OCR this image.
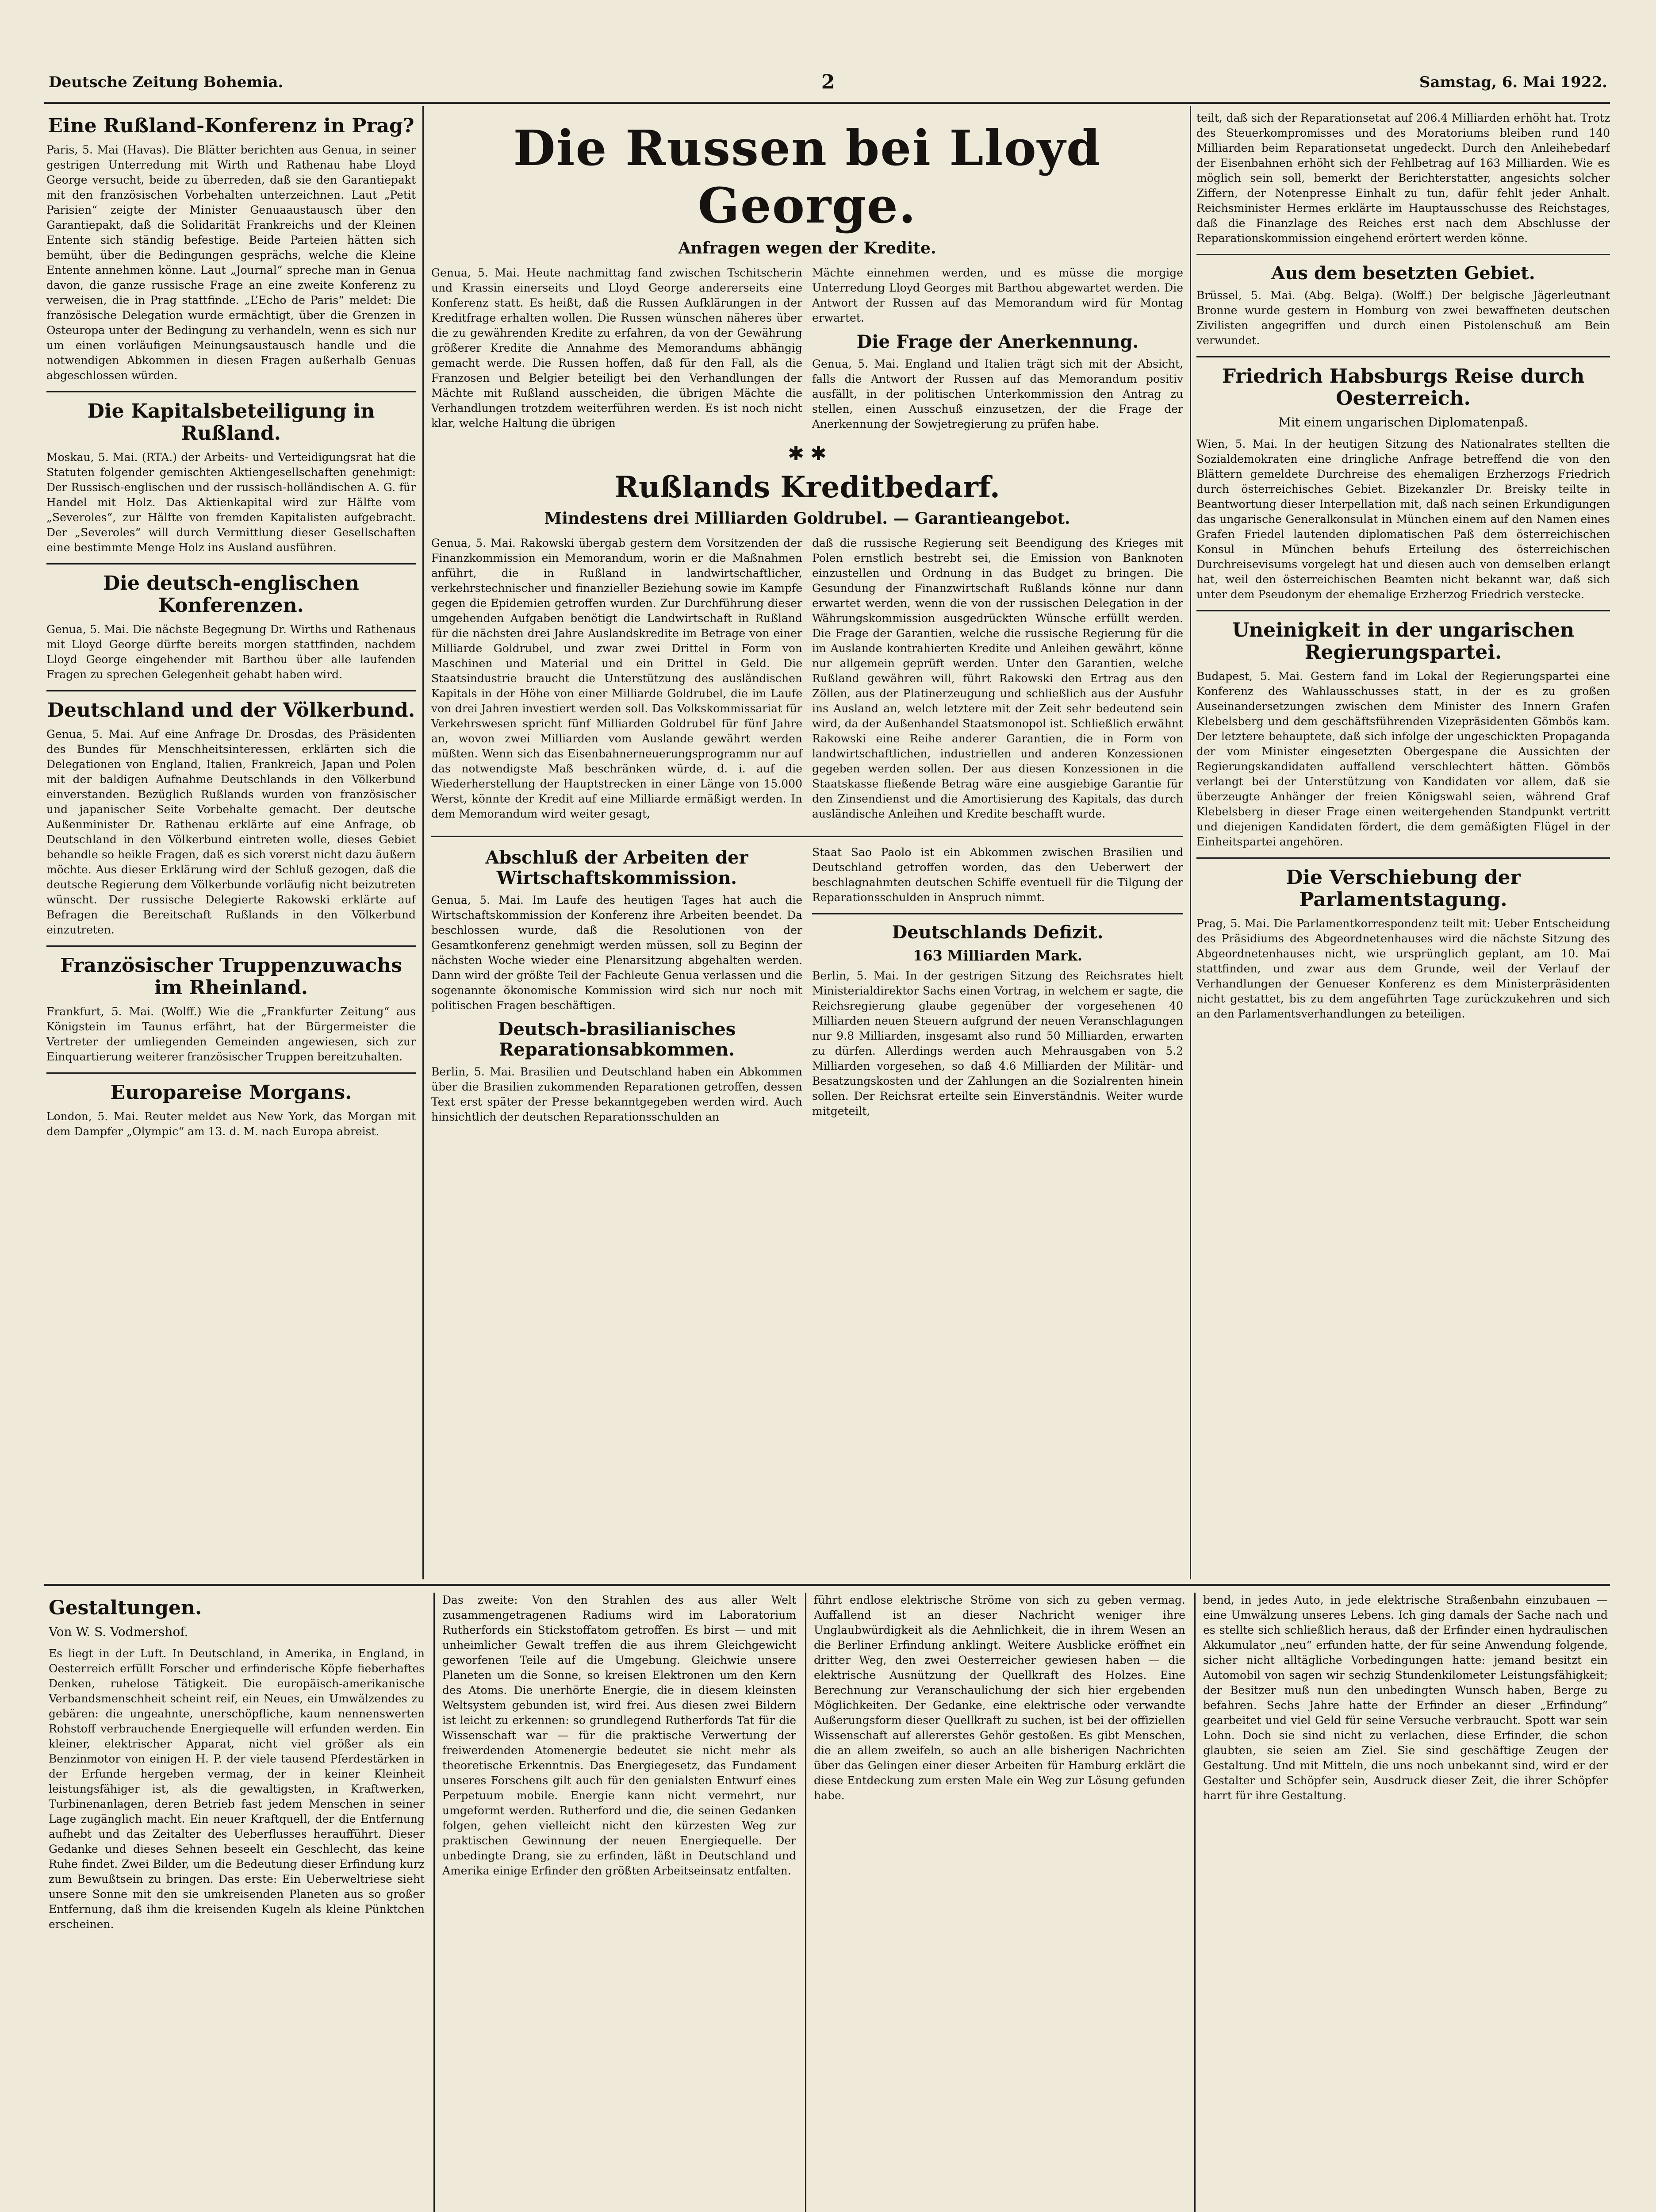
Deutsche Zeitung Bohemia.	2	Samstag, 6. Mai 1922.
Eine Rußland-Konferenz in Prag?

Paris, 5. Mai (Havas). Die Blätter berichten aus Genua, in seiner gestrigen Unterredung mit Wirth und Rathenau habe Lloyd George versucht, beide zu überreden, daß sie den Garantiepakt mit den französischen Vorbehalten unterzeichnen. Laut „Petit Parisien“ zeigte der Minister Genuaaustausch über den Garantiepakt, daß die Solidarität Frankreichs und der Kleinen Entente sich ständig befestige. Beide Parteien hätten sich bemüht, über die Bedingungen gesprächs, welche die Kleine Entente annehmen könne. Laut „Journal“ spreche man in Genua davon, die ganze russische Frage an eine zweite Konferenz zu verweisen, die in Prag stattfinde. „L’Echo de Paris“ meldet: Die französische Delegation wurde ermächtigt, über die Grenzen in Osteuropa unter der Bedingung zu verhandeln, wenn es sich nur um einen vorläufigen Meinungsaustausch handle und die notwendigen Abkommen in diesen Fragen außerhalb Genuas abgeschlossen würden.

Die Kapitalsbeteiligung in Rußland.

Moskau, 5. Mai. (RTA.) der Arbeits- und Verteidigungsrat hat die Statuten folgender gemischten Aktiengesellschaften genehmigt: Der Russisch-englischen und der russisch-holländischen A. G. für Handel mit Holz. Das Aktienkapital wird zur Hälfte vom „Severoles“, zur Hälfte von fremden Kapitalisten aufgebracht. Der „Severoles“ will durch Vermittlung dieser Gesellschaften eine bestimmte Menge Holz ins Ausland ausführen.

Die deutsch-englischen Konferenzen.

Genua, 5. Mai. Die nächste Begegnung Dr. Wirths und Rathenaus mit Lloyd George dürfte bereits morgen stattfinden, nachdem Lloyd George eingehender mit Barthou über alle laufenden Fragen zu sprechen Gelegenheit gehabt haben wird.

Deutschland und der Völkerbund.

Genua, 5. Mai. Auf eine Anfrage Dr. Drosdas, des Präsidenten des Bundes für Menschheitsinteressen, erklärten sich die Delegationen von England, Italien, Frankreich, Japan und Polen mit der baldigen Aufnahme Deutschlands in den Völkerbund einverstanden. Bezüglich Rußlands wurden von französischer und japanischer Seite Vorbehalte gemacht. Der deutsche Außenminister Dr. Rathenau erklärte auf eine Anfrage, ob Deutschland in den Völkerbund eintreten wolle, dieses Gebiet behandle so heikle Fragen, daß es sich vorerst nicht dazu äußern möchte. Aus dieser Erklärung wird der Schluß gezogen, daß die deutsche Regierung dem Völkerbunde vorläufig nicht beizutreten wünscht. Der russische Delegierte Rakowski erklärte auf Befragen die Bereitschaft Rußlands in den Völkerbund einzutreten.

Französischer Truppenzuwachs im Rheinland.

Frankfurt, 5. Mai. (Wolff.) Wie die „Frankfurter Zeitung“ aus Königstein im Taunus erfährt, hat der Bürgermeister die Vertreter der umliegenden Gemeinden angewiesen, sich zur Einquartierung weiterer französischer Truppen bereitzuhalten.

Europareise Morgans.

London, 5. Mai. Reuter meldet aus New York, das Morgan mit dem Dampfer „Olympic“ am 13. d. M. nach Europa abreist.

Die Russen bei Lloyd George.
Anfragen wegen der Kredite.

Genua, 5. Mai. Heute nachmittag fand zwischen Tschitscherin und Krassin einerseits und Lloyd George andererseits eine Konferenz statt. Es heißt, daß die Russen Aufklärungen in der Kreditfrage erhalten wollen. Die Russen wünschen näheres über die zu gewährenden Kredite zu erfahren, da von der Gewährung größerer Kredite die Annahme des Memorandums abhängig gemacht werde. Die Russen hoffen, daß für den Fall, als die Franzosen und Belgier beteiligt bei den Verhandlungen der Mächte mit Rußland ausscheiden, die übrigen Mächte die Verhandlungen trotzdem weiterführen werden. Es ist noch nicht klar, welche Haltung die übrigen

Mächte einnehmen werden, und es müsse die morgige Unterredung Lloyd Georges mit Barthou abgewartet werden. Die Antwort der Russen auf das Memorandum wird für Montag erwartet.

Die Frage der Anerkennung.

Genua, 5. Mai. England und Italien trägt sich mit der Absicht, falls die Antwort der Russen auf das Memorandum positiv ausfällt, in der politischen Unterkommission den Antrag zu stellen, einen Ausschuß einzusetzen, der die Frage der Anerkennung der Sowjetregierung zu prüfen habe.

✱ ✱
Rußlands Kreditbedarf.
Mindestens drei Milliarden Goldrubel. — Garantieangebot.

Genua, 5. Mai. Rakowski übergab gestern dem Vorsitzenden der Finanzkommission ein Memorandum, worin er die Maßnahmen anführt, die in Rußland in landwirtschaftlicher, verkehrstechnischer und finanzieller Beziehung sowie im Kampfe gegen die Epidemien getroffen wurden. Zur Durchführung dieser umgehenden Aufgaben benötigt die Landwirtschaft in Rußland für die nächsten drei Jahre Auslandskredite im Betrage von einer Milliarde Goldrubel, und zwar zwei Drittel in Form von Maschinen und Material und ein Drittel in Geld. Die Staatsindustrie braucht die Unterstützung des ausländischen Kapitals in der Höhe von einer Milliarde Goldrubel, die im Laufe von drei Jahren investiert werden soll. Das Volkskommissariat für Verkehrswesen spricht fünf Milliarden Goldrubel für fünf Jahre an, wovon zwei Milliarden vom Auslande gewährt werden müßten. Wenn sich das Eisenbahnerneuerungsprogramm nur auf das notwendigste Maß beschränken würde, d. i. auf die Wiederherstellung der Hauptstrecken in einer Länge von 15.000 Werst, könnte der Kredit auf eine Milliarde ermäßigt werden. In dem Memorandum wird weiter gesagt,

daß die russische Regierung seit Beendigung des Krieges mit Polen ernstlich bestrebt sei, die Emission von Banknoten einzustellen und Ordnung in das Budget zu bringen. Die Gesundung der Finanzwirtschaft Rußlands könne nur dann erwartet werden, wenn die von der russischen Delegation in der Währungskommission ausgedrückten Wünsche erfüllt werden. Die Frage der Garantien, welche die russische Regierung für die im Auslande kontrahierten Kredite und Anleihen gewährt, könne nur allgemein geprüft werden. Unter den Garantien, welche Rußland gewähren will, führt Rakowski den Ertrag aus den Zöllen, aus der Platinerzeugung und schließlich aus der Ausfuhr ins Ausland an, welch letztere mit der Zeit sehr bedeutend sein wird, da der Außenhandel Staatsmonopol ist. Schließlich erwähnt Rakowski eine Reihe anderer Garantien, die in Form von landwirtschaftlichen, industriellen und anderen Konzessionen gegeben werden sollen. Der aus diesen Konzessionen in die Staatskasse fließende Betrag wäre eine ausgiebige Garantie für den Zinsendienst und die Amortisierung des Kapitals, das durch ausländische Anleihen und Kredite beschafft wurde.

Abschluß der Arbeiten der Wirtschaftskommission.

Genua, 5. Mai. Im Laufe des heutigen Tages hat auch die Wirtschaftskommission der Konferenz ihre Arbeiten beendet. Da beschlossen wurde, daß die Resolutionen von der Gesamtkonferenz genehmigt werden müssen, soll zu Beginn der nächsten Woche wieder eine Plenarsitzung abgehalten werden. Dann wird der größte Teil der Fachleute Genua verlassen und die sogenannte ökonomische Kommission wird sich nur noch mit politischen Fragen beschäftigen.

Deutsch-brasilianisches Reparationsabkommen.

Berlin, 5. Mai. Brasilien und Deutschland haben ein Abkommen über die Brasilien zukommenden Reparationen getroffen, dessen Text erst später der Presse bekanntgegeben werden wird. Auch hinsichtlich der deutschen Reparationsschulden an

Staat Sao Paolo ist ein Abkommen zwischen Brasilien und Deutschland getroffen worden, das den Ueberwert der beschlagnahmten deutschen Schiffe eventuell für die Tilgung der Reparationsschulden in Anspruch nimmt.

Deutschlands Defizit.
163 Milliarden Mark.

Berlin, 5. Mai. In der gestrigen Sitzung des Reichsrates hielt Ministerialdirektor Sachs einen Vortrag, in welchem er sagte, die Reichsregierung glaube gegenüber der vorgesehenen 40 Milliarden neuen Steuern aufgrund der neuen Veranschlagungen nur 9.8 Milliarden, insgesamt also rund 50 Milliarden, erwarten zu dürfen. Allerdings werden auch Mehrausgaben von 5.2 Milliarden vorgesehen, so daß 4.6 Milliarden der Militär- und Besatzungskosten und der Zahlungen an die Sozialrenten hinein sollen. Der Reichsrat erteilte sein Einverständnis. Weiter wurde mitgeteilt,

teilt, daß sich der Reparationsetat auf 206.4 Milliarden erhöht hat. Trotz des Steuerkompromisses und des Moratoriums bleiben rund 140 Milliarden beim Reparationsetat ungedeckt. Durch den Anleihebedarf der Eisenbahnen erhöht sich der Fehlbetrag auf 163 Milliarden. Wie es möglich sein soll, bemerkt der Berichterstatter, angesichts solcher Ziffern, der Notenpresse Einhalt zu tun, dafür fehlt jeder Anhalt. Reichsminister Hermes erklärte im Hauptausschusse des Reichstages, daß die Finanzlage des Reiches erst nach dem Abschlusse der Reparationskommission eingehend erörtert werden könne.

Aus dem besetzten Gebiet.

Brüssel, 5. Mai. (Abg. Belga). (Wolff.) Der belgische Jägerleutnant Bronne wurde gestern in Homburg von zwei bewaffneten deutschen Zivilisten angegriffen und durch einen Pistolenschuß am Bein verwundet.

Friedrich Habsburgs Reise durch Oesterreich.
Mit einem ungarischen Diplomatenpaß.

Wien, 5. Mai. In der heutigen Sitzung des Nationalrates stellten die Sozialdemokraten eine dringliche Anfrage betreffend die von den Blättern gemeldete Durchreise des ehemaligen Erzherzogs Friedrich durch österreichisches Gebiet. Bizekanzler Dr. Breisky teilte in Beantwortung dieser Interpellation mit, daß nach seinen Erkundigungen das ungarische Generalkonsulat in München einem auf den Namen eines Grafen Friedel lautenden diplomatischen Paß dem österreichischen Konsul in München behufs Erteilung des österreichischen Durchreisevisums vorgelegt hat und diesen auch von demselben erlangt hat, weil den österreichischen Beamten nicht bekannt war, daß sich unter dem Pseudonym der ehemalige Erzherzog Friedrich verstecke.

Uneinigkeit in der ungarischen Regierungspartei.

Budapest, 5. Mai. Gestern fand im Lokal der Regierungspartei eine Konferenz des Wahlausschusses statt, in der es zu großen Auseinandersetzungen zwischen dem Minister des Innern Grafen Klebelsberg und dem geschäftsführenden Vizepräsidenten Gömbös kam. Der letztere behauptete, daß sich infolge der ungeschickten Propaganda der vom Minister eingesetzten Obergespane die Aussichten der Regierungskandidaten auffallend verschlechtert hätten. Gömbös verlangt bei der Unterstützung von Kandidaten vor allem, daß sie überzeugte Anhänger der freien Königswahl seien, während Graf Klebelsberg in dieser Frage einen weitergehenden Standpunkt vertritt und diejenigen Kandidaten fördert, die dem gemäßigten Flügel in der Einheitspartei angehören.

Die Verschiebung der Parlamentstagung.

Prag, 5. Mai. Die Parlamentkorrespondenz teilt mit: Ueber Entscheidung des Präsidiums des Abgeordnetenhauses wird die nächste Sitzung des Abgeordnetenhauses nicht, wie ursprünglich geplant, am 10. Mai stattfinden, und zwar aus dem Grunde, weil der Verlauf der Verhandlungen der Genueser Konferenz es dem Ministerpräsidenten nicht gestattet, bis zu dem angeführten Tage zurückzukehren und sich an den Parlamentsverhandlungen zu beteiligen.

Gestaltungen.
Von W. S. Vodmershof.

Es liegt in der Luft. In Deutschland, in Amerika, in England, in Oesterreich erfüllt Forscher und erfinderische Köpfe fieberhaftes Denken, ruhelose Tätigkeit. Die europäisch-amerikanische Verbandsmenschheit scheint reif, ein Neues, ein Umwälzendes zu gebären: die ungeahnte, unerschöpfliche, kaum nennenswerten Rohstoff verbrauchende Energiequelle will erfunden werden. Ein kleiner, elektrischer Apparat, nicht viel größer als ein Benzinmotor von einigen H. P. der viele tausend Pferdestärken in der Erfunde hergeben vermag, der in keiner Kleinheit leistungsfähiger ist, als die gewaltigsten, in Kraftwerken, Turbinenanlagen, deren Betrieb fast jedem Menschen in seiner Lage zugänglich macht. Ein neuer Kraftquell, der die Entfernung aufhebt und das Zeitalter des Ueberflusses heraufführt. Dieser Gedanke und dieses Sehnen beseelt ein Geschlecht, das keine Ruhe findet. Zwei Bilder, um die Bedeutung dieser Erfindung kurz zum Bewußtsein zu bringen. Das erste: Ein Ueberweltriese sieht unsere Sonne mit den sie umkreisenden Planeten aus so großer Entfernung, daß ihm die kreisenden Kugeln als kleine Pünktchen erscheinen.

Das zweite: Von den Strahlen des aus aller Welt zusammengetragenen Radiums wird im Laboratorium Rutherfords ein Stickstoffatom getroffen. Es birst — und mit unheimlicher Gewalt treffen die aus ihrem Gleichgewicht geworfenen Teile auf die Umgebung. Gleichwie unsere Planeten um die Sonne, so kreisen Elektronen um den Kern des Atoms. Die unerhörte Energie, die in diesem kleinsten Weltsystem gebunden ist, wird frei. Aus diesen zwei Bildern ist leicht zu erkennen: so grundlegend Rutherfords Tat für die Wissenschaft war — für die praktische Verwertung der freiwerdenden Atomenergie bedeutet sie nicht mehr als theoretische Erkenntnis. Das Energiegesetz, das Fundament unseres Forschens gilt auch für den genialsten Entwurf eines Perpetuum mobile. Energie kann nicht vermehrt, nur umgeformt werden. Rutherford und die, die seinen Gedanken folgen, gehen vielleicht nicht den kürzesten Weg zur praktischen Gewinnung der neuen Energiequelle. Der unbedingte Drang, sie zu erfinden, läßt in Deutschland und Amerika einige Erfinder den größten Arbeitseinsatz entfalten.

führt endlose elektrische Ströme von sich zu geben vermag. Auffallend ist an dieser Nachricht weniger ihre Unglaubwürdigkeit als die Aehnlichkeit, die in ihrem Wesen an die Berliner Erfindung anklingt. Weitere Ausblicke eröffnet ein dritter Weg, den zwei Oesterreicher gewiesen haben — die elektrische Ausnützung der Quellkraft des Holzes. Eine Berechnung zur Veranschaulichung der sich hier ergebenden Möglichkeiten. Der Gedanke, eine elektrische oder verwandte Außerungsform dieser Quellkraft zu suchen, ist bei der offiziellen Wissenschaft auf allererstes Gehör gestoßen. Es gibt Menschen, die an allem zweifeln, so auch an alle bisherigen Nachrichten über das Gelingen einer dieser Arbeiten für Hamburg erklärt die diese Entdeckung zum ersten Male ein Weg zur Lösung gefunden habe.

bend, in jedes Auto, in jede elektrische Straßenbahn einzubauen — eine Umwälzung unseres Lebens. Ich ging damals der Sache nach und es stellte sich schließlich heraus, daß der Erfinder einen hydraulischen Akkumulator „neu“ erfunden hatte, der für seine Anwendung folgende, sicher nicht alltägliche Vorbedingungen hatte: jemand besitzt ein Automobil von sagen wir sechzig Stundenkilometer Leistungsfähigkeit; der Besitzer muß nun den unbedingten Wunsch haben, Berge zu befahren. Sechs Jahre hatte der Erfinder an dieser „Erfindung“ gearbeitet und viel Geld für seine Versuche verbraucht. Spott war sein Lohn. Doch sie sind nicht zu verlachen, diese Erfinder, die schon glaubten, sie seien am Ziel. Sie sind geschäftige Zeugen der Gestaltung. Und mit Mitteln, die uns noch unbekannt sind, wird er der Gestalter und Schöpfer sein, Ausdruck dieser Zeit, die ihrer Schöpfer harrt für ihre Gestaltung.
